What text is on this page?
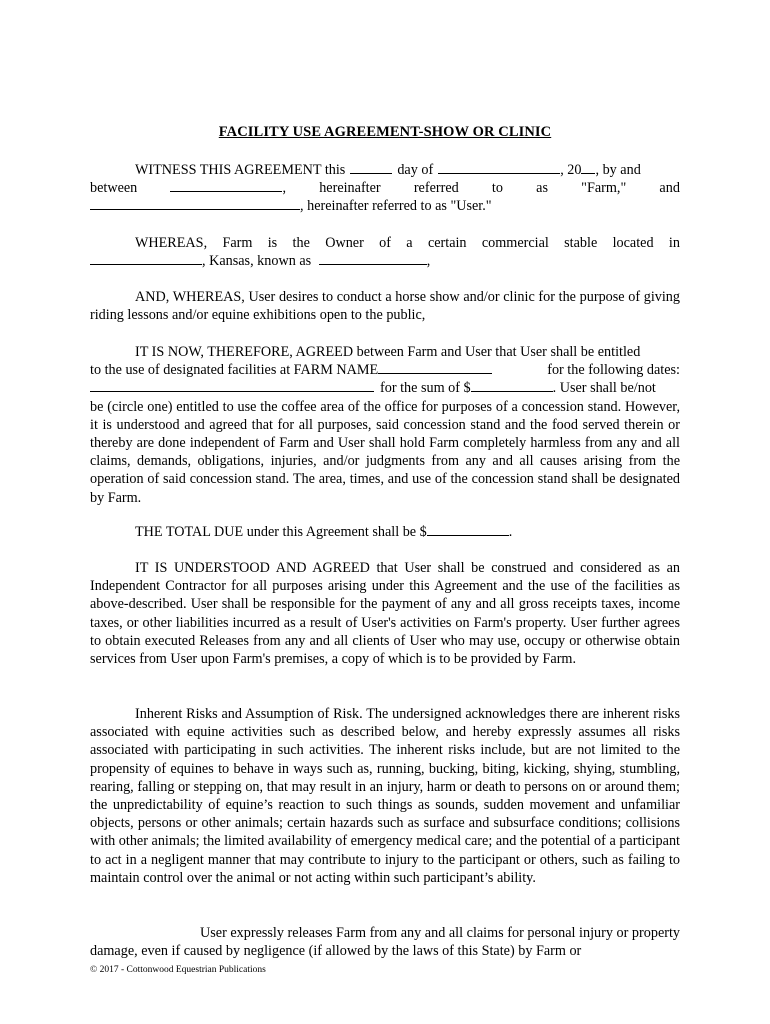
FACILITY USE AGREEMENT-SHOW OR CLINIC
WITNESS THIS AGREEMENT this	day of	, 20 , by and
between	, hereinafter referred to as "Farm," and
, hereinafter referred to as "User."
WHEREAS, Farm is the Owner of a certain commercial stable located in
, Kansas, known as	,
AND, WHEREAS, User desires to conduct a horse show and/or clinic for the purpose of giving riding lessons and/or equine exhibitions open to the public,
IT IS NOW, THEREFORE, AGREED between Farm and User that User shall be entitled
to the use of designated facilities at FARM NAME	for the following dates:
for the sum of $	. User shall be/not
be (circle one) entitled to use the coffee area of the office for purposes of a concession stand. However, it is understood and agreed that for all purposes, said concession stand and the food served therein or thereby are done independent of Farm and User shall hold Farm completely harmless from any and all claims, demands, obligations, injuries, and/or judgments from any and all causes arising from the operation of said concession stand. The area, times, and use of the concession stand shall be designated by Farm.
THE TOTAL DUE under this Agreement shall be $	.
IT IS UNDERSTOOD AND AGREED that User shall be construed and considered as an Independent Contractor for all purposes arising under this Agreement and the use of the facilities as above-described. User shall be responsible for the payment of any and all gross receipts taxes, income taxes, or other liabilities incurred as a result of User's activities on Farm's property. User further agrees to obtain executed Releases from any and all clients of User who may use, occupy or otherwise obtain services from User upon Farm's premises, a copy of which is to be provided by Farm.
Inherent Risks and Assumption of Risk. The undersigned acknowledges there are inherent risks associated with equine activities such as described below, and hereby expressly assumes all risks associated with participating in such activities. The inherent risks include, but are not limited to the propensity of equines to behave in ways such as, running, bucking, biting, kicking, shying, stumbling, rearing, falling or stepping on, that may result in an injury, harm or death to persons on or around them; the unpredictability of equine’s reaction to such things as sounds, sudden movement and unfamiliar objects, persons or other animals; certain hazards such as surface and subsurface conditions; collisions with other animals; the limited availability of emergency medical care; and the potential of a participant to act in a negligent manner that may contribute to injury to the participant or others, such as failing to maintain control over the animal or not acting within such participant’s ability.
User expressly releases Farm from any and all claims for personal injury or property damage, even if caused by negligence (if allowed by the laws of this State) by Farm or
© 2017 - Cottonwood Equestrian Publications
